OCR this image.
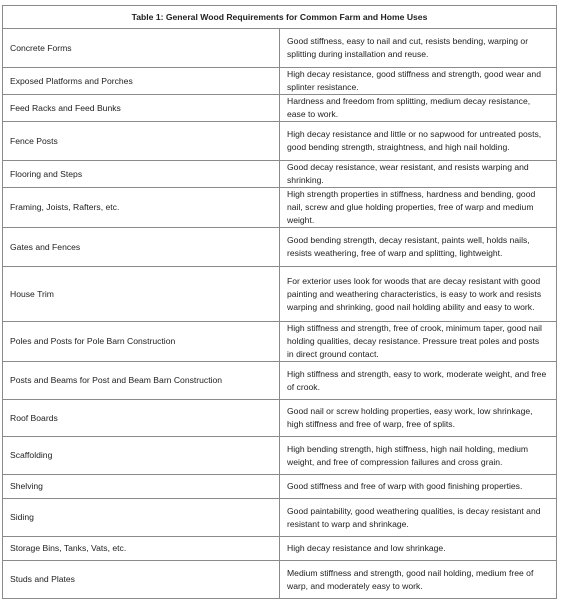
Table 1: General Wood Requirements for Common Farm and Home Uses	
Concrete Forms	Good stiffness, easy to nail and cut, resists bending, warping or splitting during installation and reuse.
Exposed Platforms and Porches	High decay resistance, good stiffness and strength, good wear and splinter resistance.
Feed Racks and Feed Bunks	Hardness and freedom from splitting, medium decay resistance, ease to work.
Fence Posts	High decay resistance and little or no sapwood for untreated posts, good bending strength, straightness, and high nail holding.
Flooring and Steps	Good decay resistance, wear resistant, and resists warping and shrinking.
Framing, Joists, Rafters, etc.	High strength properties in stiffness, hardness and bending, good nail, screw and glue holding properties, free of warp and medium weight.
Gates and Fences	Good bending strength, decay resistant, paints well, holds nails, resists weathering, free of warp and splitting, lightweight.
House Trim	For exterior uses look for woods that are decay resistant with good painting and weathering characteristics, is easy to work and resists warping and shrinking, good nail holding ability and easy to work.
Poles and Posts for Pole Barn Construction	High stiffness and strength, free of crook, minimum taper, good nail holding qualities, decay resistance. Pressure treat poles and posts in direct ground contact.
Posts and Beams for Post and Beam Barn Construction	High stiffness and strength, easy to work, moderate weight, and free of crook.
Roof Boards	Good nail or screw holding properties, easy work, low shrinkage, high stiffness and free of warp, free of splits.
Scaffolding	High bending strength, high stiffness, high nail holding, medium weight, and free of compression failures and cross grain.
Shelving	Good stiffness and free of warp with good finishing properties.
Siding	Good paintability, good weathering qualities, is decay resistant and resistant to warp and shrinkage.
Storage Bins, Tanks, Vats, etc.	High decay resistance and low shrinkage.
Studs and Plates	Medium stiffness and strength, good nail holding, medium free of warp, and moderately easy to work.
